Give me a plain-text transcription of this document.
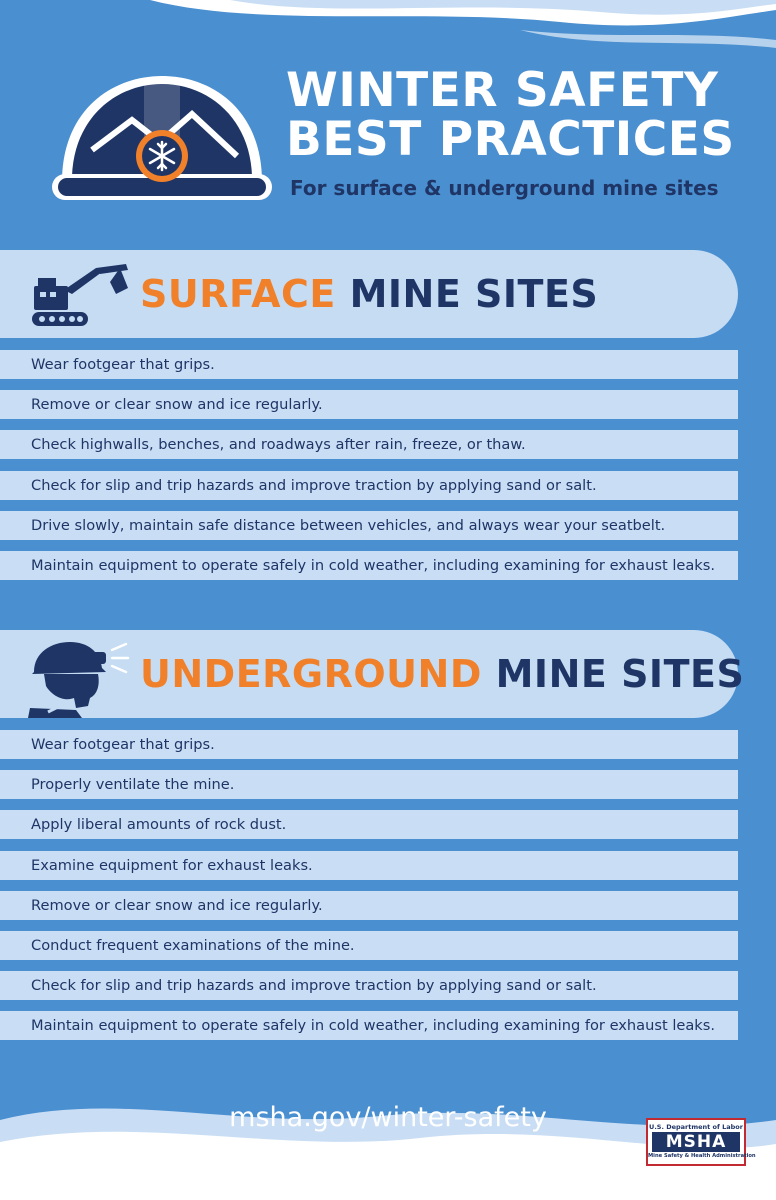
WINTER SAFETY
BEST PRACTICES
For surface & underground mine sites
SURFACE MINE SITES
Wear footgear that grips.
Remove or clear snow and ice regularly.
Check highwalls, benches, and roadways after rain, freeze, or thaw.
Check for slip and trip hazards and improve traction by applying sand or salt.
Drive slowly, maintain safe distance between vehicles, and always wear your seatbelt.
Maintain equipment to operate safely in cold weather, including examining for exhaust leaks.
UNDERGROUND MINE SITES
Wear footgear that grips.
Properly ventilate the mine.
Apply liberal amounts of rock dust.
Examine equipment for exhaust leaks.
Remove or clear snow and ice regularly.
Conduct frequent examinations of the mine.
Check for slip and trip hazards and improve traction by applying sand or salt.
Maintain equipment to operate safely in cold weather, including examining for exhaust leaks.
msha.gov/winter-safety	U.S. Department of Labor
MSHA
Mine Safety & Health Administration
